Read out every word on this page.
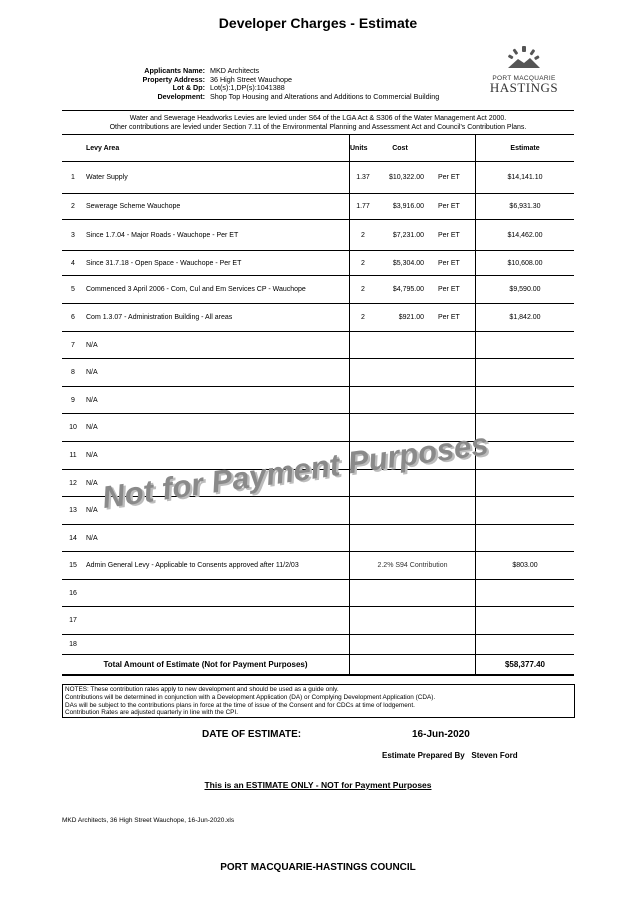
Developer Charges - Estimate
Applicants Name: MKD Architects
Property Address: 36 High Street Wauchope
Lot & Dp: Lot(s):1,DP(s):1041388
Development: Shop Top Housing and Alterations and Additions to Commercial Building
PORT MACQUARIE
HASTINGS
Water and Sewerage Headworks Levies are levied under S64 of the LGA Act & S306 of the Water Management Act 2000.
Other contributions are levied under Section 7.11 of the Environmental Planning and Assessment Act and Council's Contribution Plans.
	Levy Area	Units	Cost		Estimate
1	Water Supply	1.37	$10,322.00	Per ET	$14,141.10
2	Sewerage Scheme Wauchope	1.77	$3,916.00	Per ET	$6,931.30
3	Since 1.7.04 - Major Roads - Wauchope - Per ET	2	$7,231.00	Per ET	$14,462.00
4	Since 31.7.18 - Open Space - Wauchope - Per ET	2	$5,304.00	Per ET	$10,608.00
5	Commenced 3 April 2006 - Com, Cul and Em Services CP - Wauchope	2	$4,795.00	Per ET	$9,590.00
6	Com 1.3.07 - Administration Building - All areas	2	$921.00	Per ET	$1,842.00
7	N/A				
8	N/A				
9	N/A				
10	N/A				
11	N/A				
12	N/A				
13	N/A				
14	N/A				
15	Admin General Levy - Applicable to Consents approved after 11/2/03	2.2% S94 Contribution			$803.00
16					
17					
18					
Total Amount of Estimate (Not for Payment Purposes)					$58,377.40
Not for Payment Purposes
NOTES: These contribution rates apply to new development and should be used as a guide only.
Contributions will be determined in conjunction with a Development Application (DA) or Complying Development Application (CDA).
DAs will be subject to the contributions plans in force at the time of issue of the Consent and for CDCs at time of lodgement.
Contribution Rates are adjusted quarterly in line with the CPI.
DATE OF ESTIMATE:	16-Jun-2020
Estimate Prepared By Steven Ford
This is an ESTIMATE ONLY - NOT for Payment Purposes
MKD Architects, 36 High Street Wauchope, 16-Jun-2020.xls
PORT MACQUARIE-HASTINGS COUNCIL
